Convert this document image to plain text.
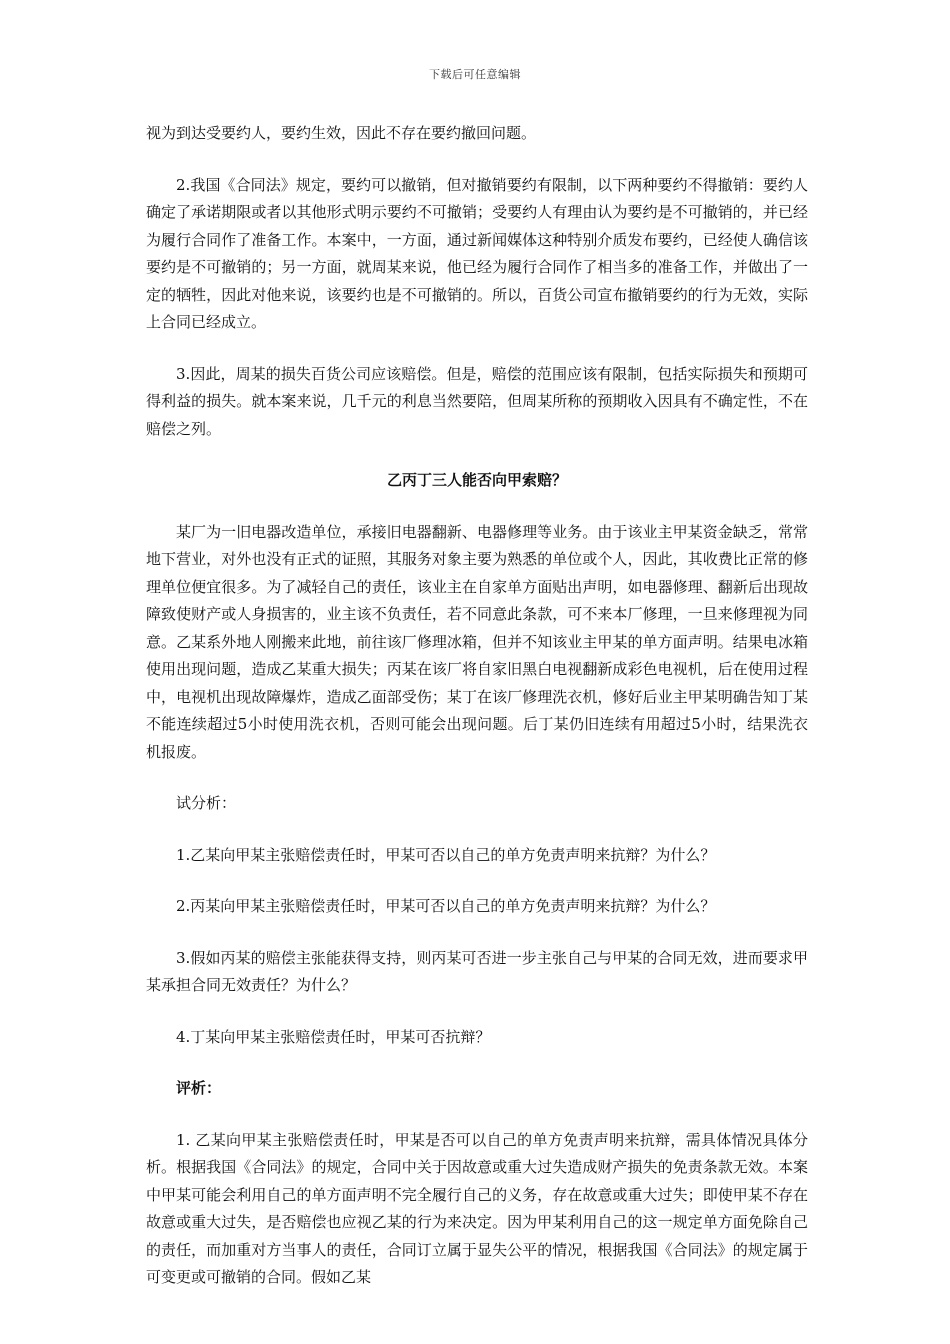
下载后可任意编辑

视为到达受要约人，要约生效，因此不存在要约撤回问题。

2.我国《合同法》规定，要约可以撤销，但对撤销要约有限制，以下两种要约不得撤销：要约人确定了承诺期限或者以其他形式明示要约不可撤销；受要约人有理由认为要约是不可撤销的，并已经为履行合同作了准备工作。本案中，一方面，通过新闻媒体这种特别介质发布要约，已经使人确信该要约是不可撤销的；另一方面，就周某来说，他已经为履行合同作了相当多的准备工作，并做出了一定的牺牲，因此对他来说，该要约也是不可撤销的。所以，百货公司宣布撤销要约的行为无效，实际上合同已经成立。

3.因此，周某的损失百货公司应该赔偿。但是，赔偿的范围应该有限制，包括实际损失和预期可得利益的损失。就本案来说，几千元的利息当然要陪，但周某所称的预期收入因具有不确定性，不在赔偿之列。

乙丙丁三人能否向甲索赔？

某厂为一旧电器改造单位，承接旧电器翻新、电器修理等业务。由于该业主甲某资金缺乏，常常地下营业，对外也没有正式的证照，其服务对象主要为熟悉的单位或个人，因此，其收费比正常的修理单位便宜很多。为了减轻自己的责任，该业主在自家单方面贴出声明，如电器修理、翻新后出现故障致使财产或人身损害的，业主该不负责任，若不同意此条款，可不来本厂修理，一旦来修理视为同意。乙某系外地人刚搬来此地，前往该厂修理冰箱，但并不知该业主甲某的单方面声明。结果电冰箱使用出现问题，造成乙某重大损失；丙某在该厂将自家旧黑白电视翻新成彩色电视机，后在使用过程中，电视机出现故障爆炸，造成乙面部受伤；某丁在该厂修理洗衣机，修好后业主甲某明确告知丁某不能连续超过5小时使用洗衣机，否则可能会出现问题。后丁某仍旧连续有用超过5小时，结果洗衣机报废。

试分析：

1.乙某向甲某主张赔偿责任时，甲某可否以自己的单方免责声明来抗辩？为什么？

2.丙某向甲某主张赔偿责任时，甲某可否以自己的单方免责声明来抗辩？为什么？

3.假如丙某的赔偿主张能获得支持，则丙某可否进一步主张自己与甲某的合同无效，进而要求甲某承担合同无效责任？为什么？

4.丁某向甲某主张赔偿责任时，甲某可否抗辩？

评析：

1. 乙某向甲某主张赔偿责任时，甲某是否可以自己的单方免责声明来抗辩，需具体情况具体分析。根据我国《合同法》的规定，合同中关于因故意或重大过失造成财产损失的免责条款无效。本案中甲某可能会利用自己的单方面声明不完全履行自己的义务，存在故意或重大过失；即使甲某不存在故意或重大过失，是否赔偿也应视乙某的行为来决定。因为甲某利用自己的这一规定单方面免除自己的责任，而加重对方当事人的责任，合同订立属于显失公平的情况，根据我国《合同法》的规定属于可变更或可撤销的合同。假如乙某
